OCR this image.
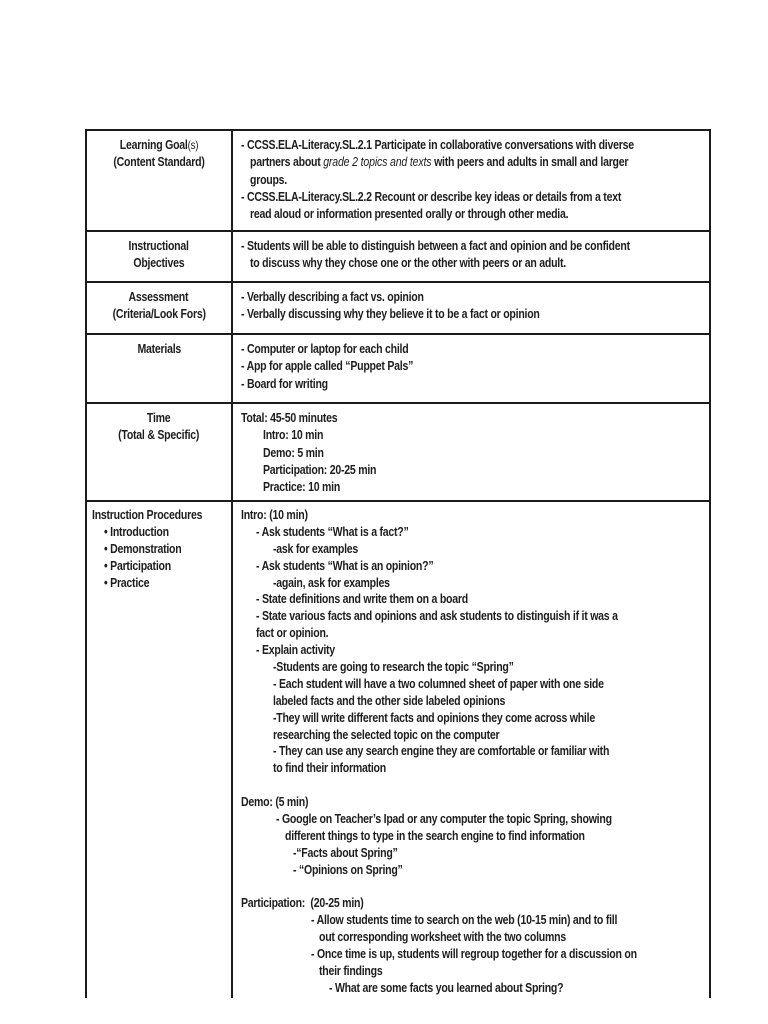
Learning Goal(s)
(Content Standard)
- CCSS.ELA-Literacy.SL.2.1 Participate in collaborative conversations with diverse
partners about grade 2 topics and texts with peers and adults in small and larger
groups.
- CCSS.ELA-Literacy.SL.2.2 Recount or describe key ideas or details from a text
read aloud or information presented orally or through other media.
Instructional
Objectives
- Students will be able to distinguish between a fact and opinion and be confident
to discuss why they chose one or the other with peers or an adult.
Assessment
(Criteria/Look Fors)
- Verbally describing a fact vs. opinion
- Verbally discussing why they believe it to be a fact or opinion
Materials	- Computer or laptop for each child
- App for apple called “Puppet Pals”
- Board for writing
Time
(Total & Specific)
Total: 45-50 minutes
Intro: 10 min
Demo: 5 min
Participation: 20-25 min
Practice: 10 min
Instruction Procedures
• Introduction
• Demonstration
• Participation
• Practice
Intro: (10 min)
- Ask students “What is a fact?”
-ask for examples
- Ask students “What is an opinion?”
-again, ask for examples
- State definitions and write them on a board
- State various facts and opinions and ask students to distinguish if it was a
fact or opinion.
- Explain activity
-Students are going to research the topic “Spring”
- Each student will have a two columned sheet of paper with one side
labeled facts and the other side labeled opinions
-They will write different facts and opinions they come across while
researching the selected topic on the computer
- They can use any search engine they are comfortable or familiar with
to find their information
Demo: (5 min)
- Google on Teacher’s Ipad or any computer the topic Spring, showing
different things to type in the search engine to find information
-“Facts about Spring”
- “Opinions on Spring”
Participation:  (20-25 min)
- Allow students time to search on the web (10-15 min) and to fill
out corresponding worksheet with the two columns
- Once time is up, students will regroup together for a discussion on
their findings
- What are some facts you learned about Spring?
